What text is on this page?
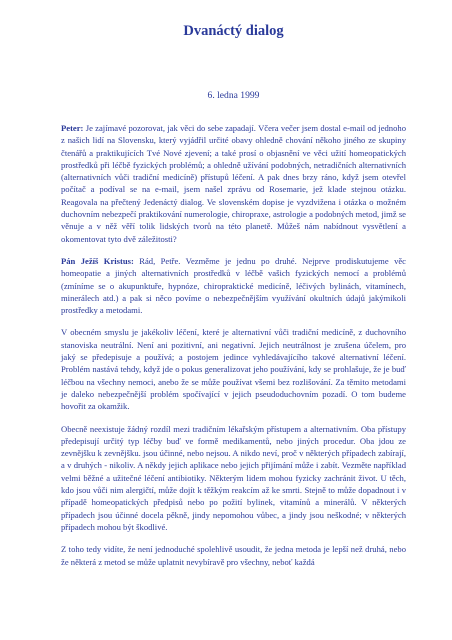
Dvanáctý dialog

6. ledna 1999

Peter: Je zajímavé pozorovat, jak věci do sebe zapadají. Včera večer jsem dostal e-mail od jednoho z našich lidí na Slovensku, který vyjádřil určité obavy ohledně chování někoho jiného ze skupiny čtenářů a praktikujících Tvé Nové zjevení; a také prosí o objasnění ve věci užití homeopatických prostředků při léčbě fyzických problémů; a ohledně užívání podobných, netradičních alternativních (alternativních vůči tradiční medicíně) přístupů léčení. A pak dnes brzy ráno, když jsem otevřel počítač a podíval se na e-mail, jsem našel zprávu od Rosemarie, jež klade stejnou otázku. Reagovala na přečtený Jedenáctý dialog. Ve slovenském dopise je vyzdvižena i otázka o možném duchovním nebezpečí praktikování numerologie, chiropraxe, astrologie a podobných metod, jimž se věnuje a v něž věří tolik lidských tvorů na této planetě. Můžeš nám nabídnout vysvětlení a okomentovat tyto dvě záležitosti?

Pán Ježíš Kristus: Rád, Petře. Vezměme je jednu po druhé. Nejprve prodiskutujeme věc homeopatie a jiných alternativních prostředků v léčbě vašich fyzických nemocí a problémů (zmíníme se o akupunktuře, hypnóze, chiropraktické medicíně, léčivých bylinách, vitamínech, minerálech atd.) a pak si něco povíme o nebezpečnějším využívání okultních údajů jakýmikoli prostředky a metodami.

V obecném smyslu je jakékoliv léčení, které je alternativní vůči tradiční medicíně, z duchovního stanoviska neutrální. Není ani pozitivní, ani negativní. Jejich neutrálnost je zrušena účelem, pro jaký se předepisuje a používá; a postojem jedince vyhledávajícího takové alternativní léčení. Problém nastává tehdy, když jde o pokus generalizovat jeho používání, kdy se prohlašuje, že je buď léčbou na všechny nemoci, anebo že se může používat všemi bez rozlišování. Za těmito metodami je daleko nebezpečnější problém spočívající v jejich pseudoduchovním pozadí. O tom budeme hovořit za okamžik.

Obecně neexistuje žádný rozdíl mezi tradičním lékařským přístupem a alternativním. Oba přístupy předepisují určitý typ léčby buď ve formě medikamentů, nebo jiných procedur. Oba jdou ze zevnějšku k zevnějšku. jsou účinné, nebo nejsou. A nikdo neví, proč v některých případech zabírají, a v druhých - nikoliv. A někdy jejich aplikace nebo jejich přijímání může i zabít. Vezměte například velmi běžné a užitečné léčení antibiotiky. Některým lidem mohou fyzicky zachránit život. U těch, kdo jsou vůči nim alergičtí, může dojít k těžkým reakcím až ke smrti. Stejně to může dopadnout i v případě homeopatických předpisů nebo po požití bylinek, vitamínů a minerálů. V některých případech jsou účinné docela pěkně, jindy nepomohou vůbec, a jindy jsou neškodné; v některých případech mohou být škodlivé.

Z toho tedy vidíte, že není jednoduché spolehlivě usoudit, že jedna metoda je lepší než druhá, nebo že některá z metod se může uplatnit nevybíravě pro všechny, neboť každá
